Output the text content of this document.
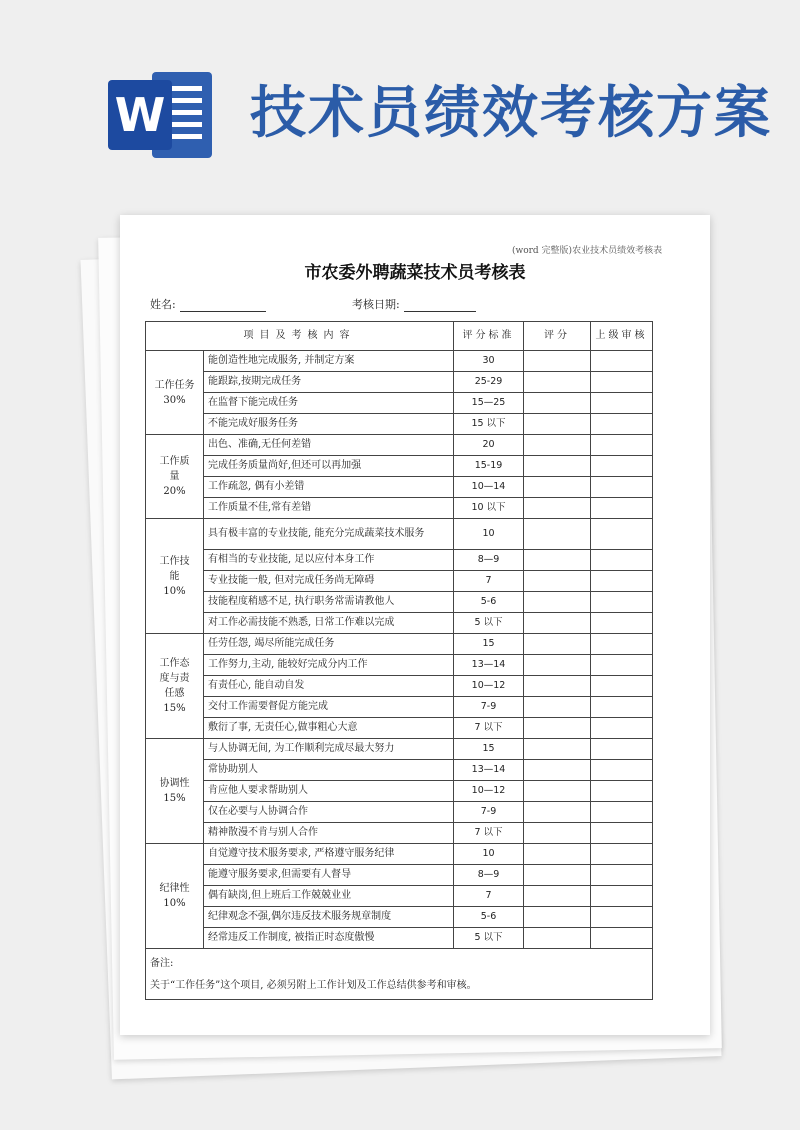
W 技术员绩效考核方案
(word 完整版)农业技术员绩效考核表
市农委外聘蔬菜技术员考核表
姓名:	考核日期:
项目及考核内容		评分标准	评分	上级审核
工作任务
30%	能创造性地完成服务, 并制定方案	30		
	能跟踪,按期完成任务	25-29		
	在监督下能完成任务	15—25		
	不能完成好服务任务	15 以下		
工作质
量
20%	出色、准确,无任何差错	20		
	完成任务质量尚好,但还可以再加强	15-19		
	工作疏忽, 偶有小差错	10—14		
	工作质量不佳,常有差错	10 以下		
工作技
能
10%	具有极丰富的专业技能, 能充分完成蔬菜技术服务	10		
	有相当的专业技能, 足以应付本身工作	8—9		
	专业技能一般, 但对完成任务尚无障碍	7		
	技能程度稍感不足, 执行职务常需请教他人	5-6		
	对工作必需技能不熟悉, 日常工作难以完成	5 以下		
工作态
度与责
任感
15%	任劳任怨, 竭尽所能完成任务	15		
	工作努力,主动, 能较好完成分内工作	13—14		
	有责任心, 能自动自发	10—12		
	交付工作需要督促方能完成	7-9		
	敷衍了事, 无责任心,做事粗心大意	7 以下		
协调性
15%	与人协调无间, 为工作顺利完成尽最大努力	15		
	常协助别人	13—14		
	肯应他人要求帮助别人	10—12		
	仅在必要与人协调合作	7-9		
	精神散漫不肯与别人合作	7 以下		
纪律性
10%	自觉遵守技术服务要求, 严格遵守服务纪律	10		
	能遵守服务要求,但需要有人督导	8—9		
	偶有缺岗,但上班后工作兢兢业业	7		
	纪律观念不强,偶尔违反技术服务规章制度	5-6		
	经常违反工作制度, 被指正时态度傲慢	5 以下		

备注:
关于“工作任务”这个项目, 必须另附上工作计划及工作总结供参考和审核。				
